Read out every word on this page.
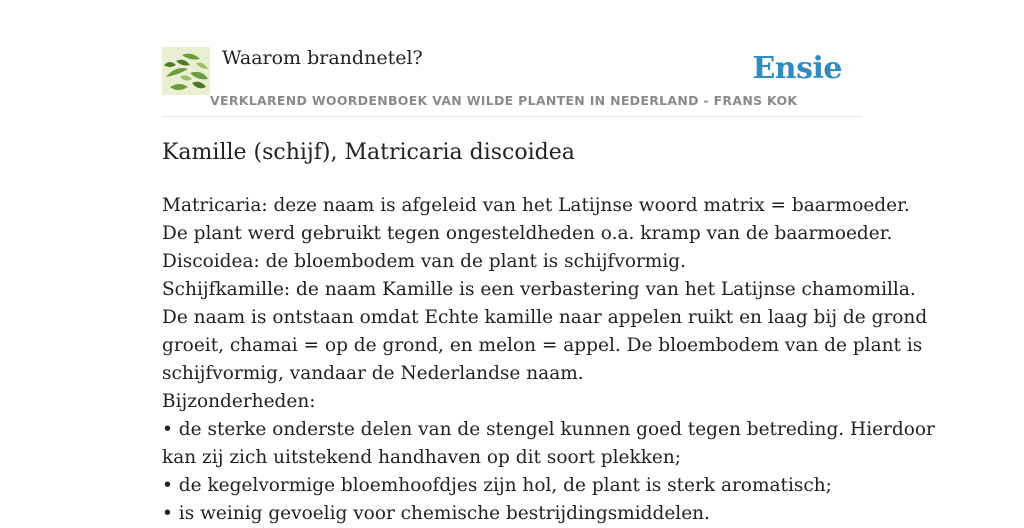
Waarom brandnetel?	Ensie
VERKLAREND WOORDENBOEK VAN WILDE PLANTEN IN NEDERLAND - FRANS KOK
Kamille (schijf), Matricaria discoidea
Matricaria: deze naam is afgeleid van het Latijnse woord matrix = baarmoeder.
De plant werd gebruikt tegen ongesteldheden o.a. kramp van de baarmoeder.
Discoidea: de bloembodem van de plant is schijfvormig.
Schijfkamille: de naam Kamille is een verbastering van het Latijnse chamomilla.
De naam is ontstaan omdat Echte kamille naar appelen ruikt en laag bij de grond
groeit, chamai = op de grond, en melon = appel. De bloembodem van de plant is
schijfvormig, vandaar de Nederlandse naam.
Bijzonderheden:
• de sterke onderste delen van de stengel kunnen goed tegen betreding. Hierdoor
kan zij zich uitstekend handhaven op dit soort plekken;
• de kegelvormige bloemhoofdjes zijn hol, de plant is sterk aromatisch;
• is weinig gevoelig voor chemische bestrijdingsmiddelen.
